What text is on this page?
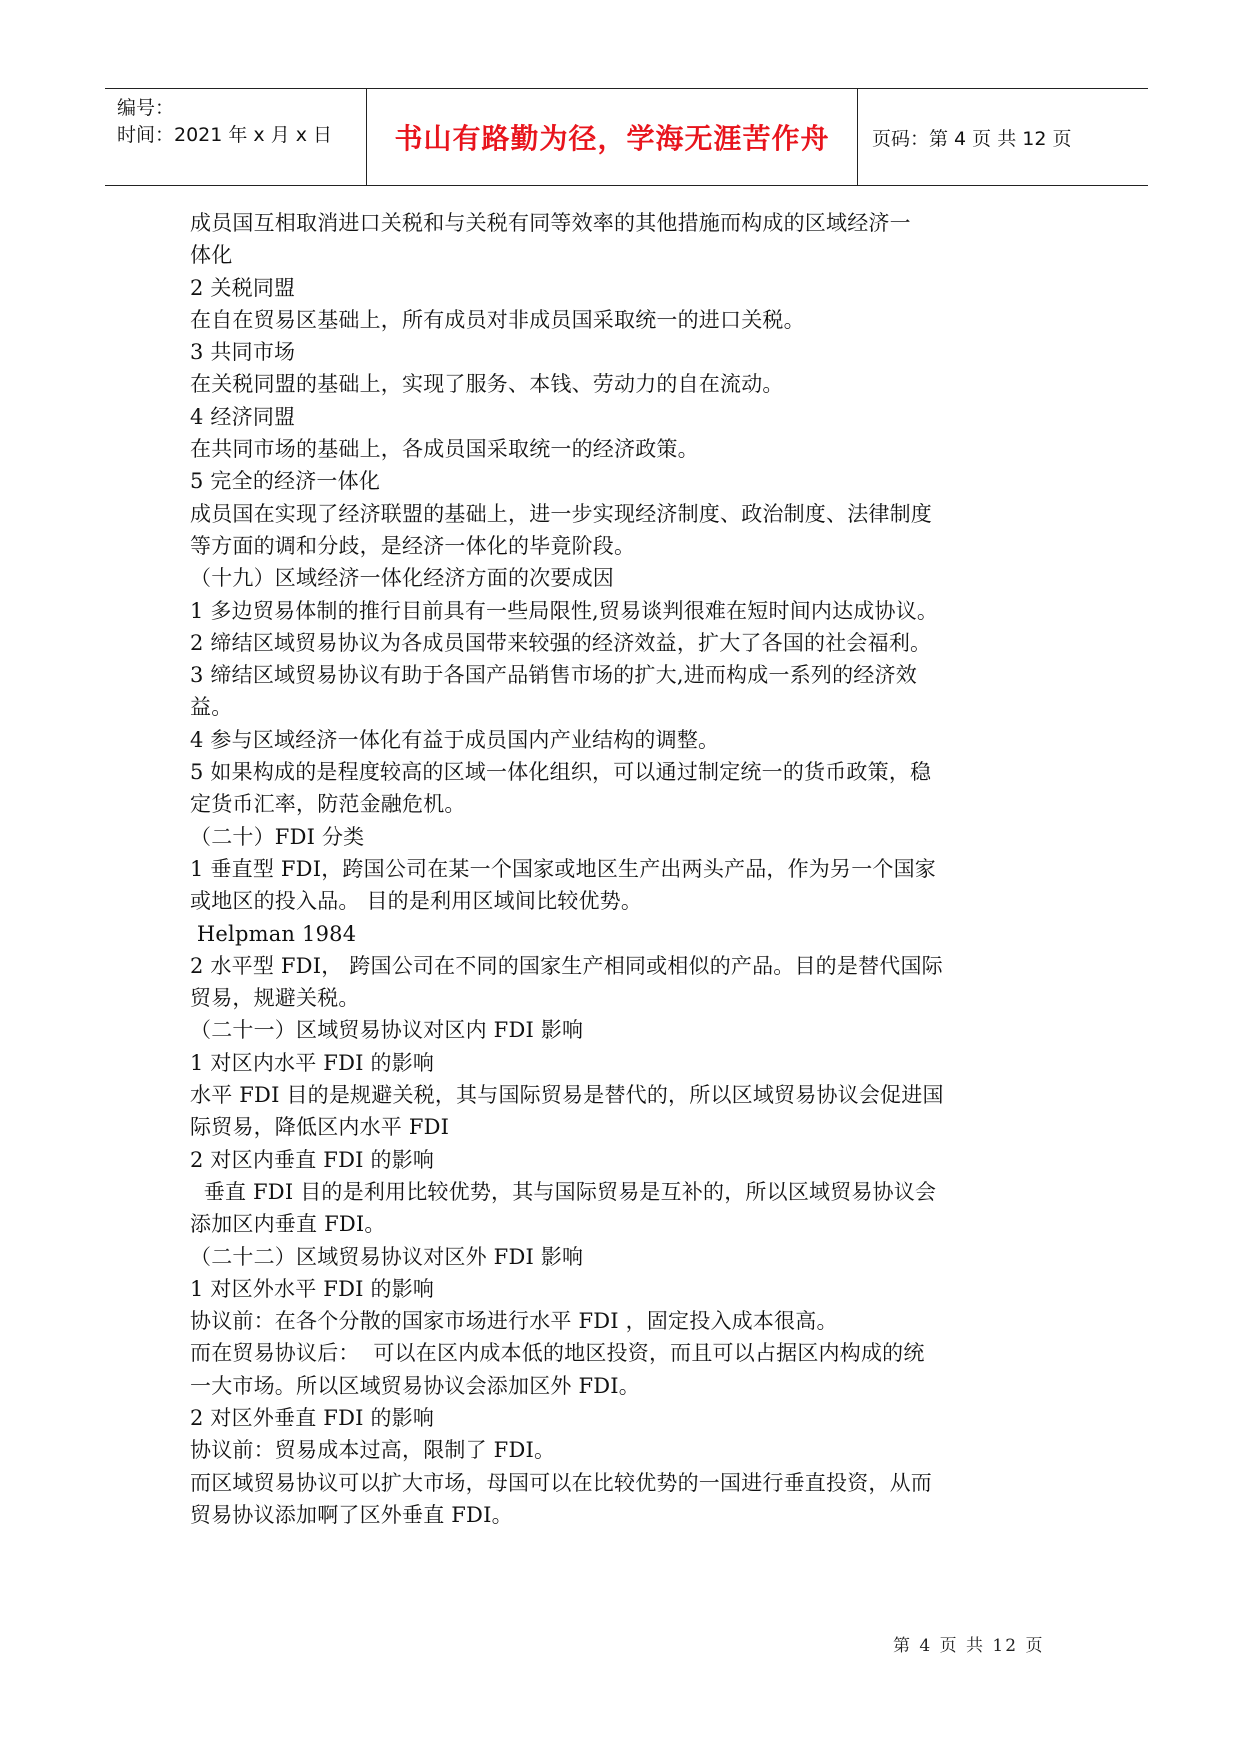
编号：
时间：2021 年 x 月 x 日	书山有路勤为径，学海无涯苦作舟	页码：第 4 页 共 12 页

成员国互相取消进口关税和与关税有同等效率的其他措施而构成的区域经济一

体化

2 关税同盟

在自在贸易区基础上，所有成员对非成员国采取统一的进口关税。

3 共同市场

在关税同盟的基础上，实现了服务、本钱、劳动力的自在流动。

4 经济同盟

在共同市场的基础上，各成员国采取统一的经济政策。

5 完全的经济一体化

成员国在实现了经济联盟的基础上，进一步实现经济制度、政治制度、法律制度

等方面的调和分歧，是经济一体化的毕竟阶段。

（十九）区域经济一体化经济方面的次要成因

1 多边贸易体制的推行目前具有一些局限性,贸易谈判很难在短时间内达成协议。

2 缔结区域贸易协议为各成员国带来较强的经济效益，扩大了各国的社会福利。

3 缔结区域贸易协议有助于各国产品销售市场的扩大,进而构成一系列的经济效

益。

4 参与区域经济一体化有益于成员国内产业结构的调整。

5 如果构成的是程度较高的区域一体化组织，可以通过制定统一的货币政策，稳

定货币汇率，防范金融危机。

（二十）FDI 分类

1 垂直型 FDI，跨国公司在某一个国家或地区生产出两头产品，作为另一个国家

或地区的投入品。 目的是利用区域间比较优势。

Helpman 1984

2 水平型 FDI， 跨国公司在不同的国家生产相同或相似的产品。目的是替代国际

贸易，规避关税。

（二十一）区域贸易协议对区内 FDI 影响

1 对区内水平 FDI 的影响

水平 FDI 目的是规避关税，其与国际贸易是替代的，所以区域贸易协议会促进国

际贸易，降低区内水平 FDI

2 对区内垂直 FDI 的影响

垂直 FDI 目的是利用比较优势，其与国际贸易是互补的，所以区域贸易协议会

添加区内垂直 FDI。

（二十二）区域贸易协议对区外 FDI 影响

1 对区外水平 FDI 的影响

协议前：在各个分散的国家市场进行水平 FDI ，固定投入成本很高。

而在贸易协议后：  可以在区内成本低的地区投资，而且可以占据区内构成的统

一大市场。所以区域贸易协议会添加区外 FDI。

2 对区外垂直 FDI 的影响

协议前：贸易成本过高，限制了 FDI。

而区域贸易协议可以扩大市场，母国可以在比较优势的一国进行垂直投资，从而

贸易协议添加啊了区外垂直 FDI。

第 4 页 共 12 页
